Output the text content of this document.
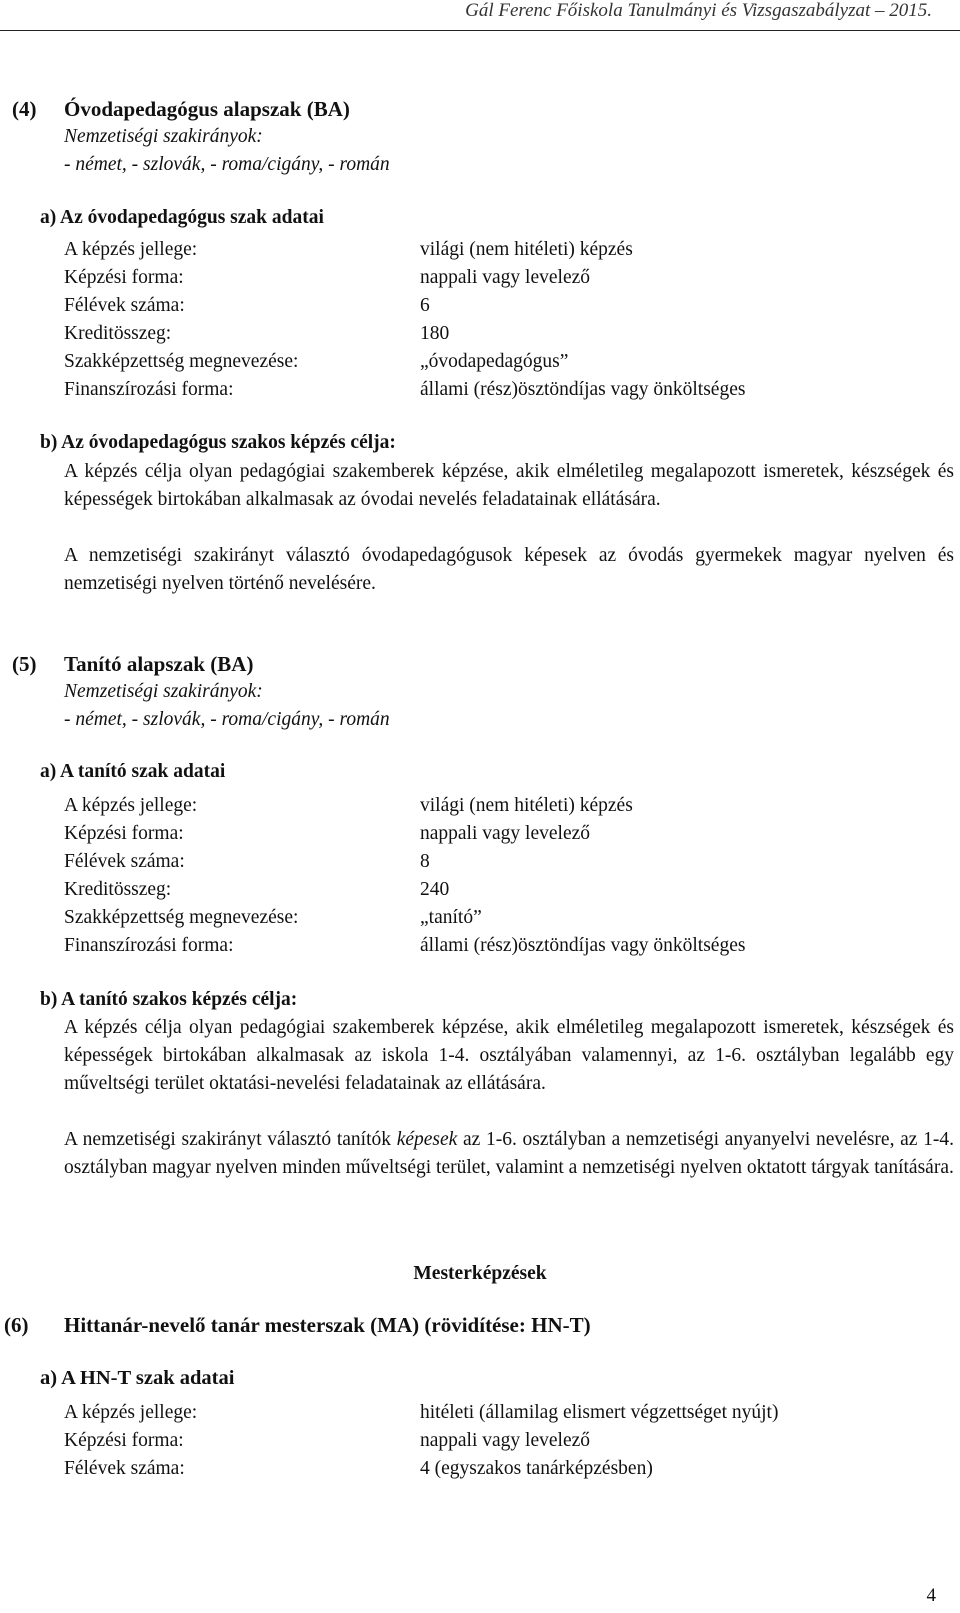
Gál Ferenc Főiskola Tanulmányi és Vizsgaszabályzat – 2015.
(4) Óvodapedagógus alapszak (BA)
Nemzetiségi szakirányok:
- német, - szlovák, - roma/cigány, - román
a) Az óvodapedagógus szak adatai
A képzés jellege:	világi (nem hitéleti) képzés
Képzési forma:	nappali vagy levelező
Félévek száma:	6
Kreditösszeg:	180
Szakképzettség megnevezése:	„óvodapedagógus”
Finanszírozási forma:	állami (rész)ösztöndíjas vagy önköltséges
b) Az óvodapedagógus szakos képzés célja:
A képzés célja olyan pedagógiai szakemberek képzése, akik elméletileg megalapozott ismeretek, készségek és képességek birtokában alkalmasak az óvodai nevelés feladatainak ellátására.
A nemzetiségi szakirányt választó óvodapedagógusok képesek az óvodás gyermekek magyar nyelven és nemzetiségi nyelven történő nevelésére.
(5) Tanító alapszak (BA)
Nemzetiségi szakirányok:
- német, - szlovák, - roma/cigány, - román
a) A tanító szak adatai
A képzés jellege:	világi (nem hitéleti) képzés
Képzési forma:	nappali vagy levelező
Félévek száma:	8
Kreditösszeg:	240
Szakképzettség megnevezése:	„tanító”
Finanszírozási forma:	állami (rész)ösztöndíjas vagy önköltséges
b) A tanító szakos képzés célja:
A képzés célja olyan pedagógiai szakemberek képzése, akik elméletileg megalapozott ismeretek, készségek és képességek birtokában alkalmasak az iskola 1-4. osztályában valamennyi, az 1-6. osztályban legalább egy műveltségi terület oktatási-nevelési feladatainak az ellátására.
A nemzetiségi szakirányt választó tanítók képesek az 1-6. osztályban a nemzetiségi anyanyelvi nevelésre, az 1-4. osztályban magyar nyelven minden műveltségi terület, valamint a nemzetiségi nyelven oktatott tárgyak tanítására.
Mesterképzések
(6) Hittanár-nevelő tanár mesterszak (MA) (rövidítése: HN-T)
a) A HN-T szak adatai
A képzés jellege:	hitéleti (államilag elismert végzettséget nyújt)
Képzési forma:	nappali vagy levelező
Félévek száma:	4 (egyszakos tanárképzésben)
4
